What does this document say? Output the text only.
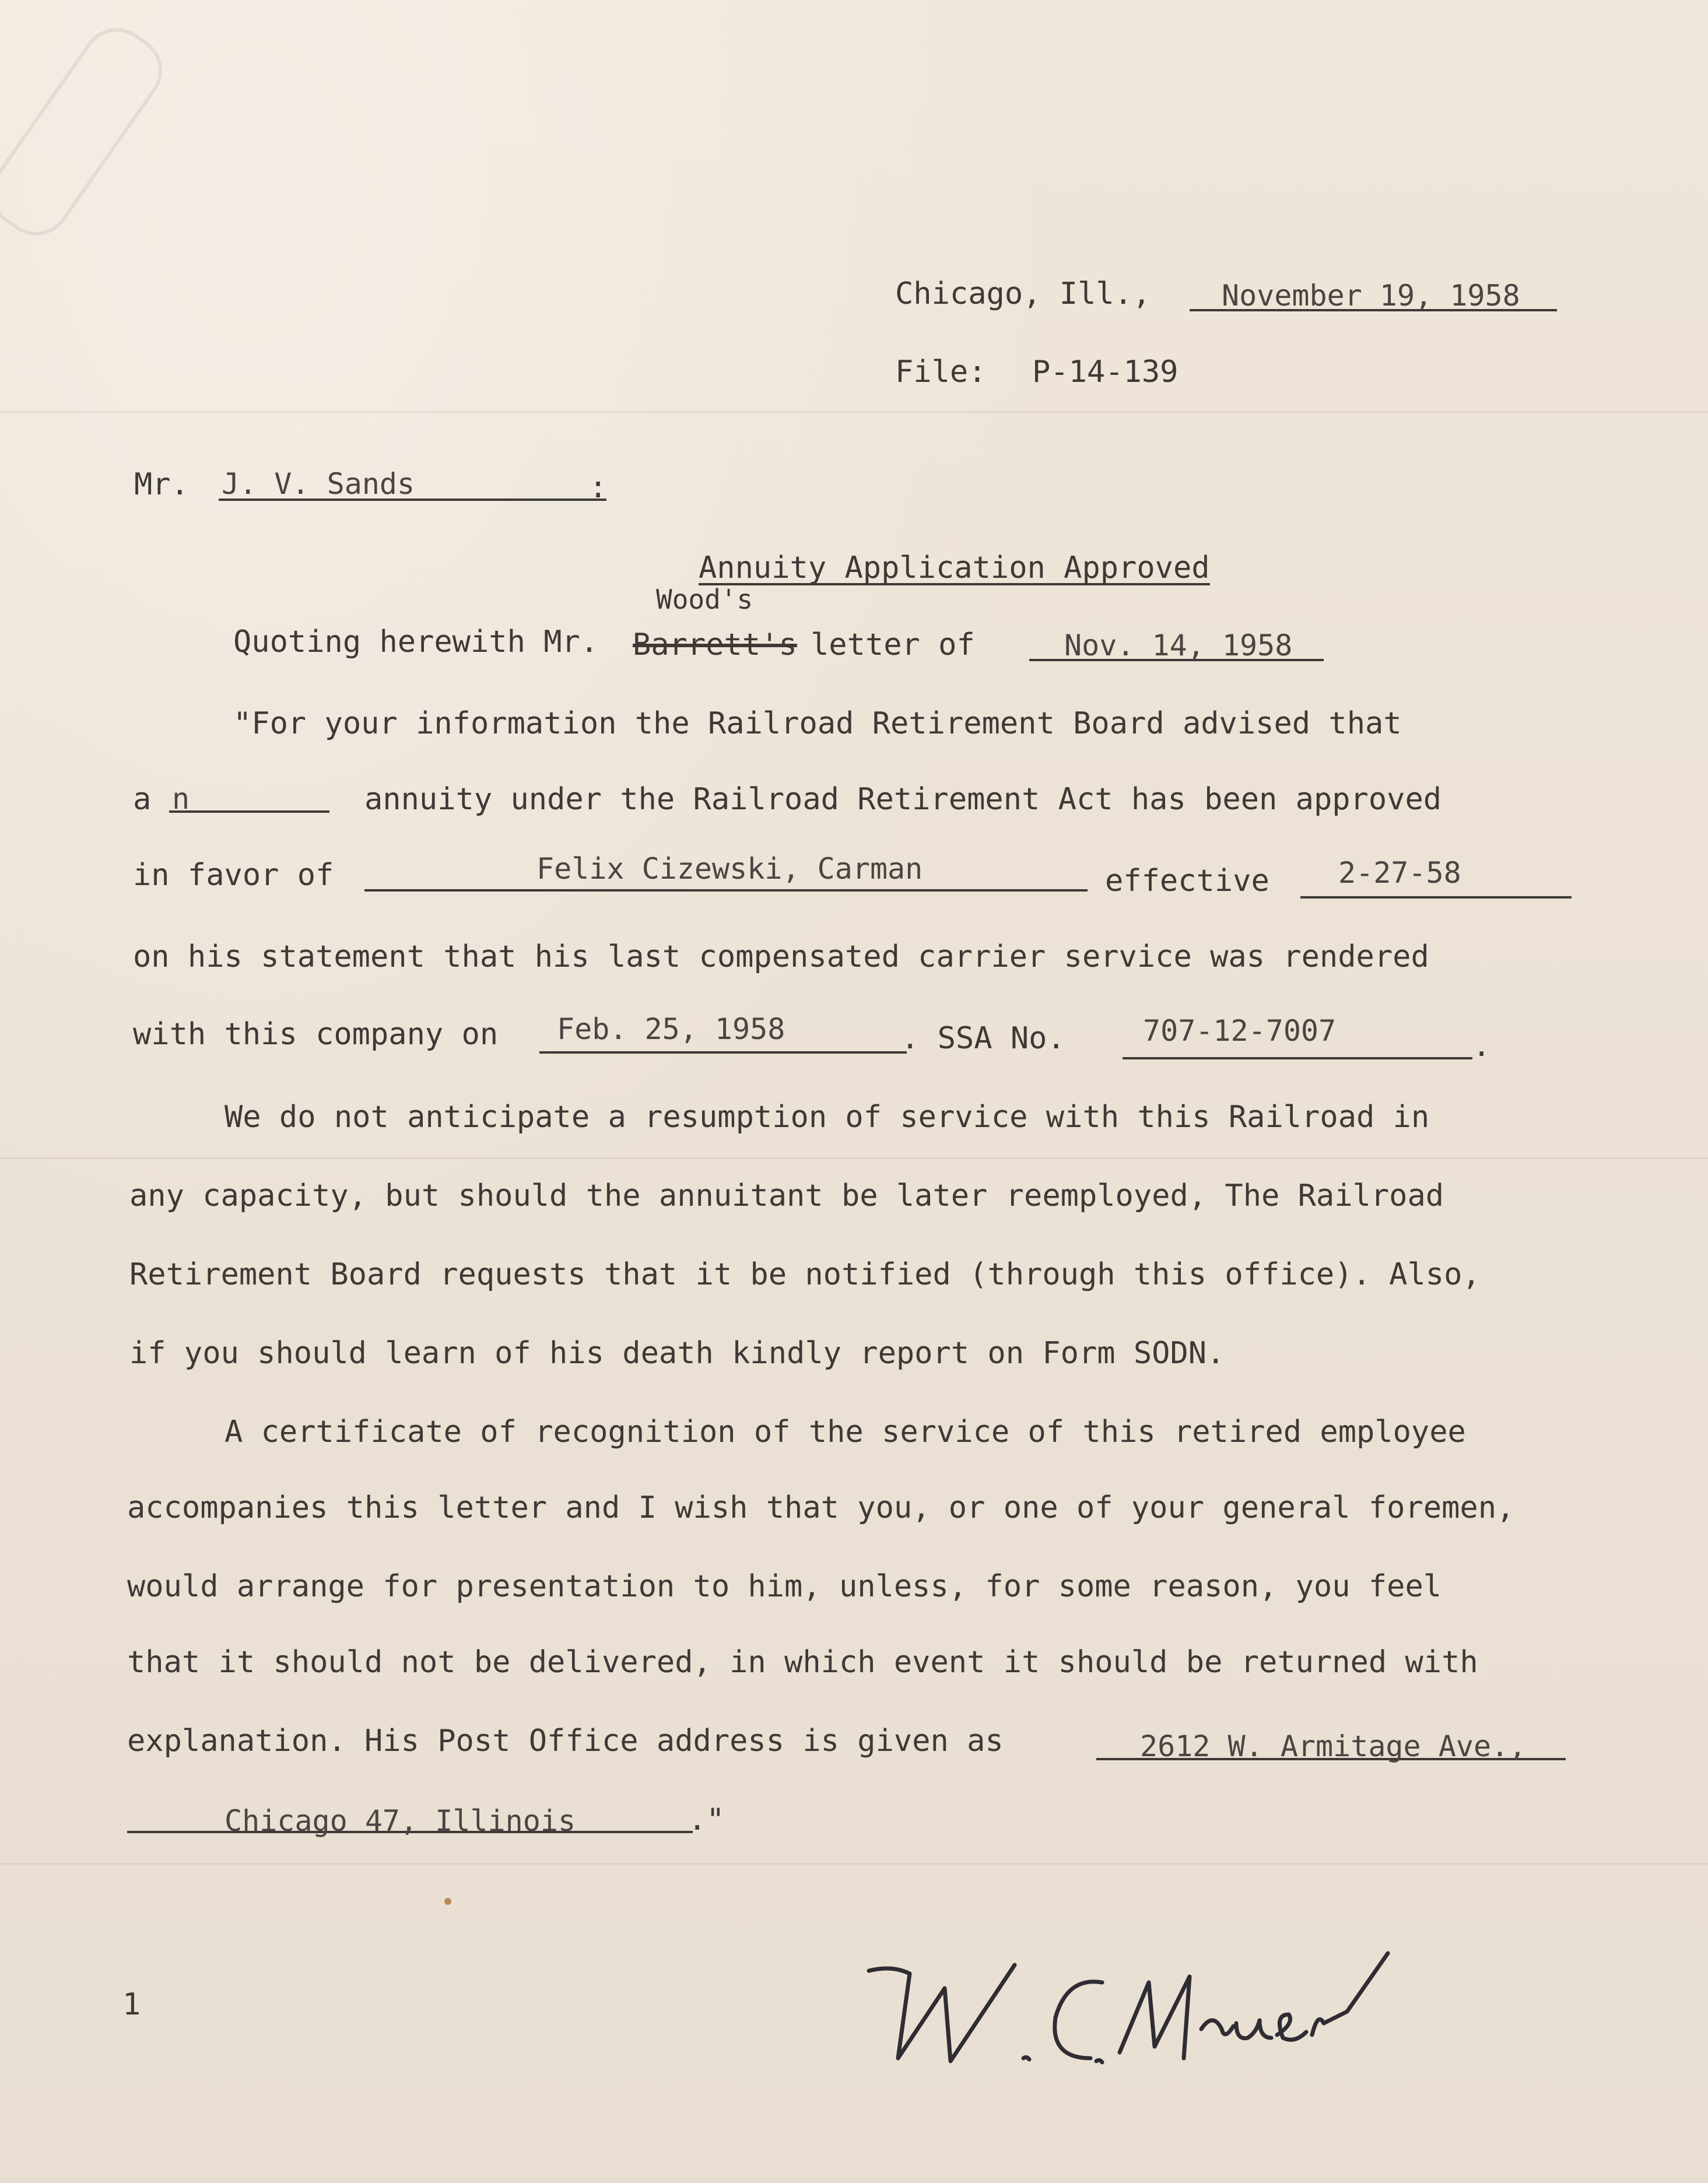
Chicago, Ill., November 19, 1958
File: P-14-139
Mr. J. V. Sands	:
Annuity Application Approved
Wood's
Quoting herewith Mr. Barrett's letter of	Nov. 14, 1958
"For your information the Railroad Retirement Board advised that
a n	annuity under the Railroad Retirement Act has been approved
in favor of	Felix Cizewski, Carman	effective 2-27-58
on his statement that his last compensated carrier service was rendered
with this company on Feb. 25, 1958	. SSA No.	707-12-7007	.
We do not anticipate a resumption of service with this Railroad in
any capacity, but should the annuitant be later reemployed, The Railroad
Retirement Board requests that it be notified (through this office). Also,
if you should learn of his death kindly report on Form SODN.
A certificate of recognition of the service of this retired employee
accompanies this letter and I wish that you, or one of your general foremen,
would arrange for presentation to him, unless, for some reason, you feel
that it should not be delivered, in which event it should be returned with
explanation. His Post Office address is given as	2612 W. Armitage Ave.,
Chicago 47, Illinois	."
1
